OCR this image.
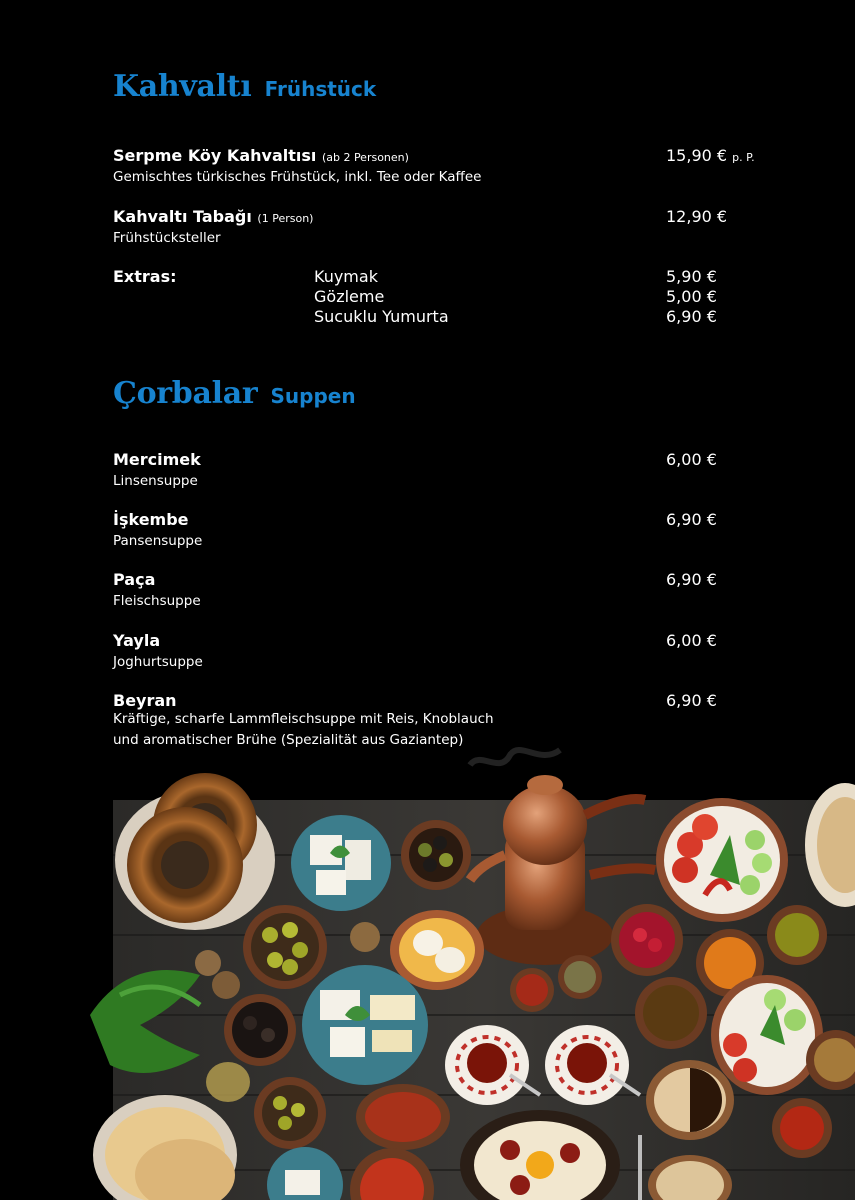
Kahvaltı Frühstück
Serpme Köy Kahvaltısı (ab 2 Personen)
Gemischtes türkisches Frühstück, inkl. Tee oder Kaffee
15,90 € p. P.
Kahvaltı Tabağı (1 Person)
Frühstücksteller
12,90 €
Extras:	Kuymak
Gözleme
Sucuklu Yumurta
5,90 €
5,00 €
6,90 €
Çorbalar Suppen
Mercimek
Linsensuppe
6,00 €
İşkembe
Pansensuppe
6,90 €
Paça
Fleischsuppe
6,90 €
Yayla
Joghurtsuppe
6,00 €
Beyran
Kräftige, scharfe Lammfleischsuppe mit Reis, Knoblauch
und aromatischer Brühe (Spezialität aus Gaziantep)
6,90 €
